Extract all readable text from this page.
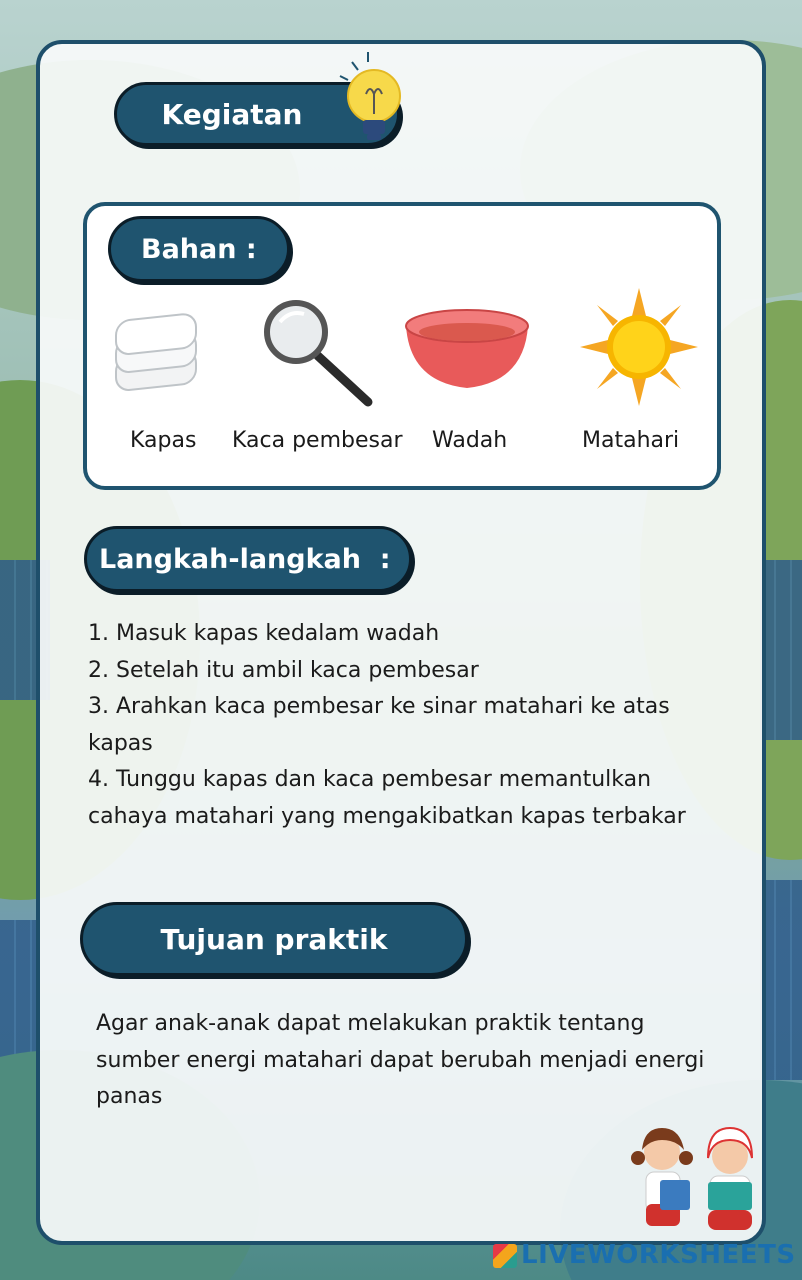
Kegiatan
Bahan :
Kapas Kaca pembesar Wadah	Matahari
Langkah-langkah  :
1. Masuk kapas kedalam wadah
2. Setelah itu ambil kaca pembesar
3. Arahkan kaca pembesar ke sinar matahari ke atas kapas
4. Tunggu kapas dan kaca pembesar memantulkan cahaya matahari yang mengakibatkan kapas terbakar
Tujuan praktik
Agar anak-anak dapat melakukan praktik tentang sumber energi matahari dapat berubah menjadi energi panas
LIVEWORKSHEETS
